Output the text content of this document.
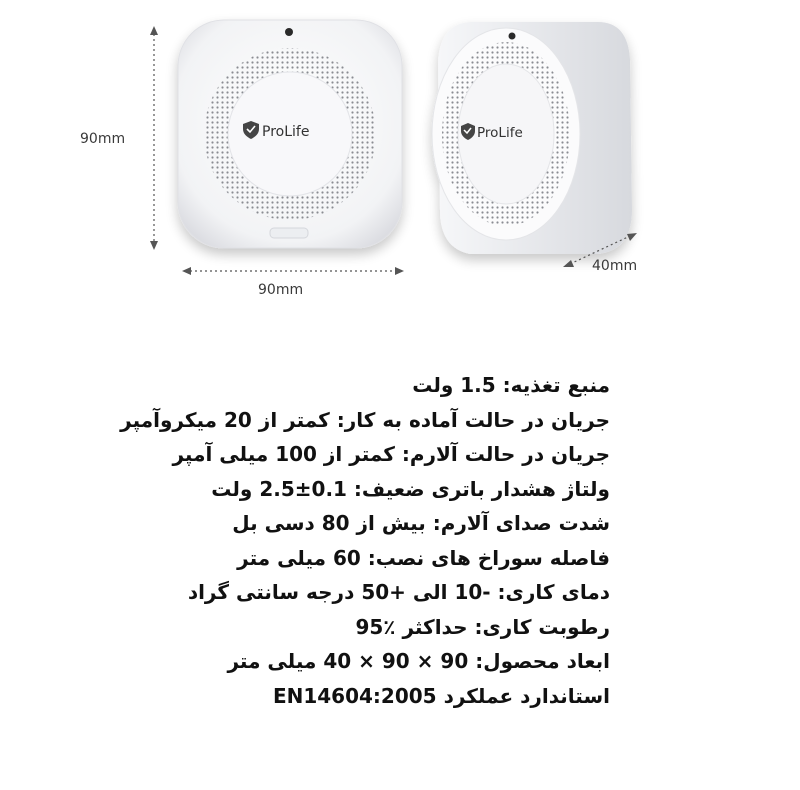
ProLife	ProLife
90mm
90mm
40mm
منبع تغذیه: 1.5 ولت
جریان در حالت آماده به کار: کمتر از 20 میکروآمپر
جریان در حالت آلارم: کمتر از 100 میلی آمپر
ولتاژ هشدار باتری ضعیف: 0.1±2.5 ولت
شدت صدای آلارم: بیش از 80 دسی بل
فاصله سوراخ های نصب: 60 میلی متر
دمای کاری: -10 الی +50 درجه سانتی گراد
رطوبت کاری: حداکثر ٪95
ابعاد محصول: 90 × 90 × 40 میلی متر
استاندارد عملکرد EN14604:2005
